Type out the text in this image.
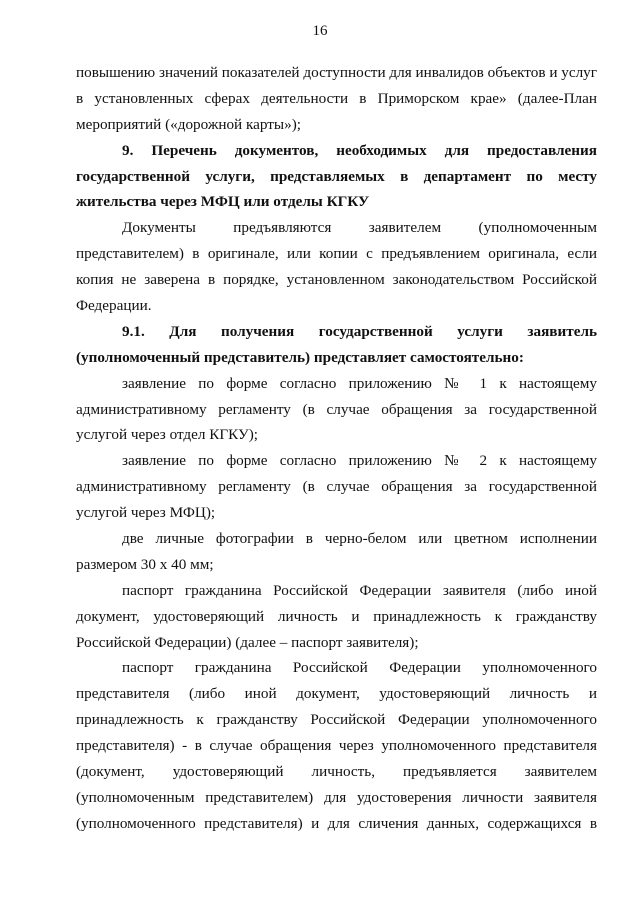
16
повышению значений показателей доступности для инвалидов объектов и услуг
в установленных сферах деятельности в Приморском крае» (далее-План
мероприятий («дорожной карты»);
9. Перечень документов, необходимых для предоставления
государственной услуги, представляемых в департамент по месту
жительства через МФЦ или отделы КГКУ
Документы предъявляются заявителем (уполномоченным
представителем) в оригинале, или копии с предъявлением оригинала, если
копия не заверена в порядке, установленном законодательством Российской
Федерации.
9.1. Для получения государственной услуги заявитель
(уполномоченный представитель) представляет самостоятельно:
заявление по форме согласно приложению № 1 к настоящему
административному регламенту (в случае обращения за государственной
услугой через отдел КГКУ);
заявление по форме согласно приложению № 2 к настоящему
административному регламенту (в случае обращения за государственной
услугой через МФЦ);
две личные фотографии в черно-белом или цветном исполнении
размером 30 х 40 мм;
паспорт гражданина Российской Федерации заявителя (либо иной
документ, удостоверяющий личность и принадлежность к гражданству
Российской Федерации) (далее – паспорт заявителя);
паспорт гражданина Российской Федерации уполномоченного
представителя (либо иной документ, удостоверяющий личность и
принадлежность к гражданству Российской Федерации уполномоченного
представителя) - в случае обращения через уполномоченного представителя
(документ, удостоверяющий личность, предъявляется заявителем
(уполномоченным представителем) для удостоверения личности заявителя
(уполномоченного представителя) и для сличения данных, содержащихся в
